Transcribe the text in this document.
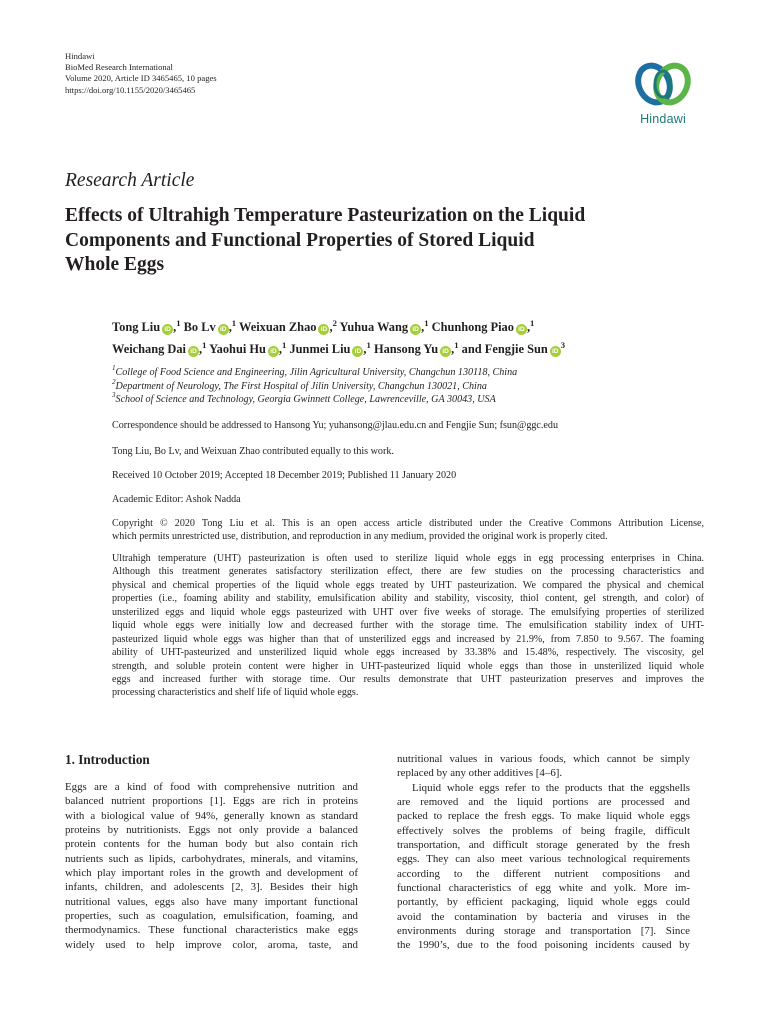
Hindawi
BioMed Research International
Volume 2020, Article ID 3465465, 10 pages
https://doi.org/10.1155/2020/3465465
Hindawi
Research Article
Effects of Ultrahigh Temperature Pasteurization on the Liquid
Components and Functional Properties of Stored Liquid
Whole Eggs
Tong Liu iD ,$^1$ Bo Lv iD ,$^1$ Weixuan Zhao iD ,$^2$ Yuhua Wang iD ,$^1$ Chunhong Piao iD ,$^1$
Weichang Dai iD ,$^1$ Yaohui Hu iD ,$^1$ Junmei Liu iD ,$^1$ Hansong Yu iD ,$^1$ and Fengjie Sun $iD^3$
$^1$College of Food Science and Engineering, Jilin Agricultural University, Changchun 130118, China
$^2$Department of Neurology, The First Hospital of Jilin University, Changchun 130021, China
$^3$School of Science and Technology, Georgia Gwinnett College, Lawrenceville, GA 30043, USA
Correspondence should be addressed to Hansong Yu; yuhansong@jlau.edu.cn and Fengjie Sun; fsun@ggc.edu
Tong Liu, Bo Lv, and Weixuan Zhao contributed equally to this work.
Received 10 October 2019; Accepted 18 December 2019; Published 11 January 2020
Academic Editor: Ashok Nadda
Copyright © 2020 Tong Liu et al. This is an open access article distributed under the Creative Commons Attribution License,
which permits unrestricted use, distribution, and reproduction in any medium, provided the original work is properly cited.
Ultrahigh temperature (UHT) pasteurization is often used to sterilize liquid whole eggs in egg processing enterprises in China.
Although this treatment generates satisfactory sterilization effect, there are few studies on the processing characteristics and
physical and chemical properties of the liquid whole eggs treated by UHT pasteurization. We compared the physical and chemical
properties (i.e., foaming ability and stability, emulsification ability and stability, viscosity, thiol content, gel strength, and color) of
unsterilized eggs and liquid whole eggs pasteurized with UHT over five weeks of storage. The emulsifying properties of sterilized
liquid whole eggs were initially low and decreased further with the storage time. The emulsification stability index of UHT-
pasteurized liquid whole eggs was higher than that of unsterilized eggs and increased by 21.9%, from 7.850 to 9.567. The foaming
ability of UHT-pasteurized and unsterilized liquid whole eggs increased by 33.38% and 15.48%, respectively. The viscosity, gel
strength, and soluble protein content were higher in UHT-pasteurized liquid whole eggs than those in unsterilized liquid whole
eggs and increased further with storage time. Our results demonstrate that UHT pasteurization preserves and improves the
processing characteristics and shelf life of liquid whole eggs.
1. Introduction
Eggs are a kind of food with comprehensive nutrition and
balanced nutrient proportions [1]. Eggs are rich in proteins
with a biological value of 94%, generally known as standard
proteins by nutritionists. Eggs not only provide a balanced
protein contents for the human body but also contain rich
nutrients such as lipids, carbohydrates, minerals, and vitamins,
which play important roles in the growth and development of
infants, children, and adolescents [2, 3]. Besides their high
nutritional values, eggs also have many important functional
properties, such as coagulation, emulsification, foaming, and
thermodynamics. These functional characteristics make eggs
widely used to help improve color, aroma, taste, and
nutritional values in various foods, which cannot be simply
replaced by any other additives [4–6].
Liquid whole eggs refer to the products that the eggshells
are removed and the liquid portions are processed and
packed to replace the fresh eggs. To make liquid whole eggs
effectively solves the problems of being fragile, difficult
transportation, and difficult storage generated by the fresh
eggs. They can also meet various technological requirements
according to the different nutrient compositions and
functional characteristics of egg white and yolk. More im-
portantly, by efficient packaging, liquid whole eggs could
avoid the contamination by bacteria and viruses in the
environments during storage and transportation [7]. Since
the 1990’s, due to the food poisoning incidents caused by
